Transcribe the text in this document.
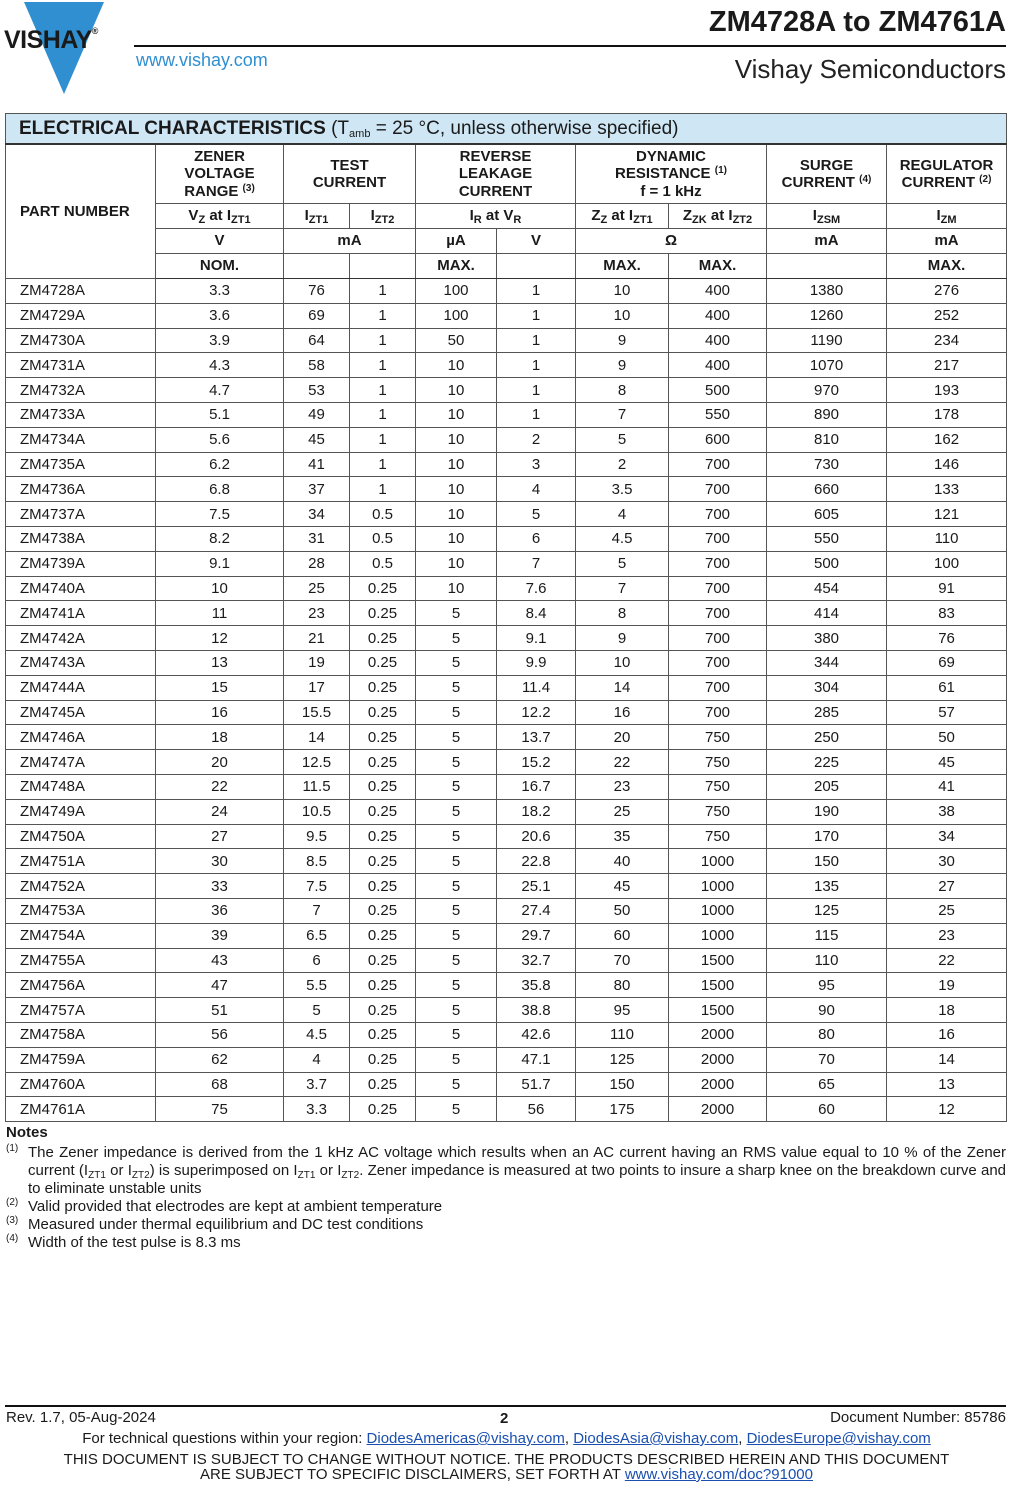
VISHAY®
www.vishay.com
ZM4728A to ZM4761A
Vishay Semiconductors
ELECTRICAL CHARACTERISTICS ($T_{amb} = 25$ °C, unless otherwise specified)									
PART NUMBER	ZENER
VOLTAGE
RANGE $^{(3)}$	TEST
CURRENT		REVERSE
LEAKAGE
CURRENT		DYNAMIC
RESISTANCE $^{(1)}$
f = 1 kHz		SURGE
CURRENT $^{(4)}$	REGULATOR
CURRENT $^{(2)}$
	$V_Z$ at $I_{ZT1}$	$I_{ZT1}$	$I_{ZT2}$	$I_R$ at $V_R$		$Z_Z$ at $I_{ZT1}$	$Z_{ZK}$ at $I_{ZT2}$	$I_{ZSM}$	$I_{ZM}$
	V	mA		µA	V	Ω		mA	mA
	NOM.			MAX.		MAX.	MAX.		MAX.
ZM4728A	3.3	76	1	100	1	10	400	1380	276
ZM4729A	3.6	69	1	100	1	10	400	1260	252
ZM4730A	3.9	64	1	50	1	9	400	1190	234
ZM4731A	4.3	58	1	10	1	9	400	1070	217
ZM4732A	4.7	53	1	10	1	8	500	970	193
ZM4733A	5.1	49	1	10	1	7	550	890	178
ZM4734A	5.6	45	1	10	2	5	600	810	162
ZM4735A	6.2	41	1	10	3	2	700	730	146
ZM4736A	6.8	37	1	10	4	3.5	700	660	133
ZM4737A	7.5	34	0.5	10	5	4	700	605	121
ZM4738A	8.2	31	0.5	10	6	4.5	700	550	110
ZM4739A	9.1	28	0.5	10	7	5	700	500	100
ZM4740A	10	25	0.25	10	7.6	7	700	454	91
ZM4741A	11	23	0.25	5	8.4	8	700	414	83
ZM4742A	12	21	0.25	5	9.1	9	700	380	76
ZM4743A	13	19	0.25	5	9.9	10	700	344	69
ZM4744A	15	17	0.25	5	11.4	14	700	304	61
ZM4745A	16	15.5	0.25	5	12.2	16	700	285	57
ZM4746A	18	14	0.25	5	13.7	20	750	250	50
ZM4747A	20	12.5	0.25	5	15.2	22	750	225	45
ZM4748A	22	11.5	0.25	5	16.7	23	750	205	41
ZM4749A	24	10.5	0.25	5	18.2	25	750	190	38
ZM4750A	27	9.5	0.25	5	20.6	35	750	170	34
ZM4751A	30	8.5	0.25	5	22.8	40	1000	150	30
ZM4752A	33	7.5	0.25	5	25.1	45	1000	135	27
ZM4753A	36	7	0.25	5	27.4	50	1000	125	25
ZM4754A	39	6.5	0.25	5	29.7	60	1000	115	23
ZM4755A	43	6	0.25	5	32.7	70	1500	110	22
ZM4756A	47	5.5	0.25	5	35.8	80	1500	95	19
ZM4757A	51	5	0.25	5	38.8	95	1500	90	18
ZM4758A	56	4.5	0.25	5	42.6	110	2000	80	16
ZM4759A	62	4	0.25	5	47.1	125	2000	70	14
ZM4760A	68	3.7	0.25	5	51.7	150	2000	65	13
ZM4761A	75	3.3	0.25	5	56	175	2000	60	12
Notes
(1) The Zener impedance is derived from the 1 kHz AC voltage which results when an AC current having an RMS value equal to 10 % of the Zener current ($I_{ZT1}$ or $I_{ZT2}$) is superimposed on $I_{ZT1}$ or $I_{ZT2}$. Zener impedance is measured at two points to insure a sharp knee on the breakdown curve and to eliminate unstable units
(2) Valid provided that electrodes are kept at ambient temperature
(3) Measured under thermal equilibrium and DC test conditions
(4) Width of the test pulse is 8.3 ms
Rev. 1.7, 05-Aug-2024	2	Document Number: 85786
For technical questions within your region: DiodesAmericas@vishay.com, DiodesAsia@vishay.com, DiodesEurope@vishay.com
THIS DOCUMENT IS SUBJECT TO CHANGE WITHOUT NOTICE. THE PRODUCTS DESCRIBED HEREIN AND THIS DOCUMENT
ARE SUBJECT TO SPECIFIC DISCLAIMERS, SET FORTH AT www.vishay.com/doc?91000
